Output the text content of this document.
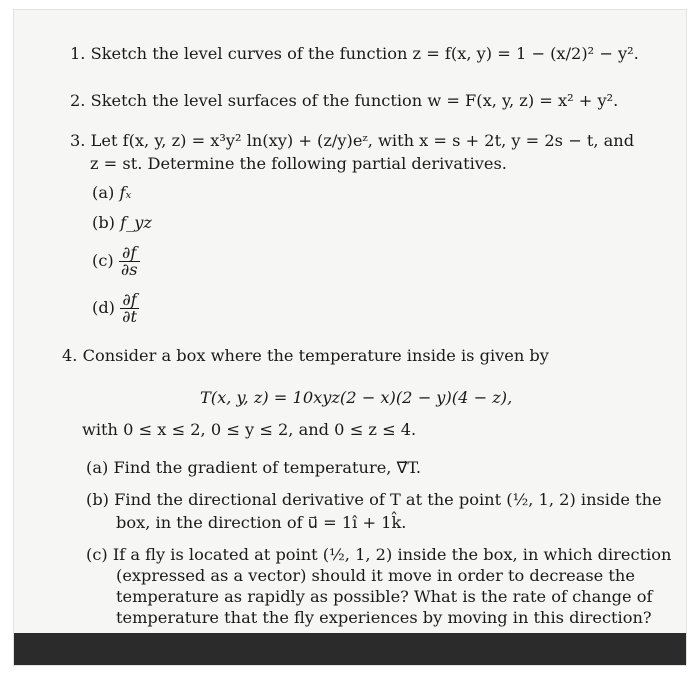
1. Sketch the level curves of the function z = f(x, y) = 1 − (x/2)² − y².
2. Sketch the level surfaces of the function w = F(x, y, z) = x² + y².
3. Let f(x, y, z) = x³y² ln(xy) + (z/y)eᶻ, with x = s + 2t, y = 2s − t, and
z = st. Determine the following partial derivatives.
(a) fₓ
(b) f_yz
$(c) \frac{\partial f}{\partial s}$
$(d) \frac{\partial f}{\partial t}$
4. Consider a box where the temperature inside is given by
T(x, y, z) = 10xyz(2 − x)(2 − y)(4 − z),
with 0 ≤ x ≤ 2, 0 ≤ y ≤ 2, and 0 ≤ z ≤ 4.
(a) Find the gradient of temperature, ∇⃗T.
(b) Find the directional derivative of T at the point (½, 1, 2) inside the
box, in the direction of u⃗ = 1î + 1k̂.
(c) If a fly is located at point (½, 1, 2) inside the box, in which direction
(expressed as a vector) should it move in order to decrease the
temperature as rapidly as possible? What is the rate of change of
temperature that the fly experiences by moving in this direction?
